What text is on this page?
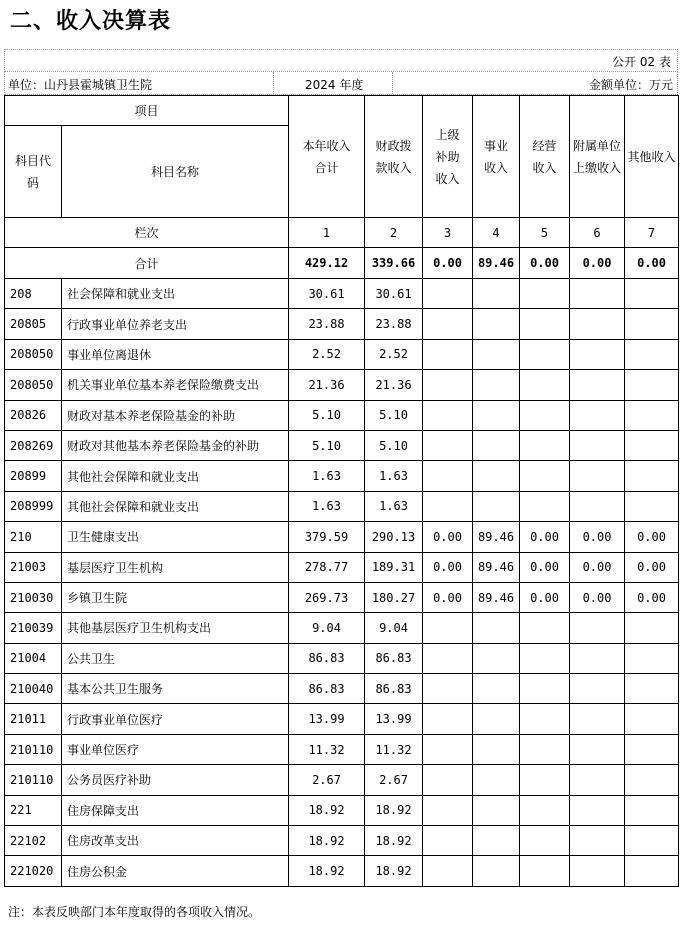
二、收入决算表
公开 02 表
单位：山丹县霍城镇卫生院	2024 年度	金额单位：万元
项目		本年收入合计	财政拨款收入	上级补助收入	事业收入	经营收入	附属单位上缴收入	其他收入
科目代码	科目名称							
栏次		1	2	3	4	5	6	7
合计		429.12	339.66	0.00	89.46	0.00	0.00	0.00
208	社会保障和就业支出	30.61	30.61					
20805	行政事业单位养老支出	23.88	23.88					
208050	事业单位离退休	2.52	2.52					
208050	机关事业单位基本养老保险缴费支出	21.36	21.36					
20826	财政对基本养老保险基金的补助	5.10	5.10					
208269	财政对其他基本养老保险基金的补助	5.10	5.10					
20899	其他社会保障和就业支出	1.63	1.63					
208999	其他社会保障和就业支出	1.63	1.63					
210	卫生健康支出	379.59	290.13	0.00	89.46	0.00	0.00	0.00
21003	基层医疗卫生机构	278.77	189.31	0.00	89.46	0.00	0.00	0.00
210030	乡镇卫生院	269.73	180.27	0.00	89.46	0.00	0.00	0.00
210039	其他基层医疗卫生机构支出	9.04	9.04					
21004	公共卫生	86.83	86.83					
210040	基本公共卫生服务	86.83	86.83					
21011	行政事业单位医疗	13.99	13.99					
210110	事业单位医疗	11.32	11.32					
210110	公务员医疗补助	2.67	2.67					
221	住房保障支出	18.92	18.92					
22102	住房改革支出	18.92	18.92					
221020	住房公积金	18.92	18.92					
注：本表反映部门本年度取得的各项收入情况。
